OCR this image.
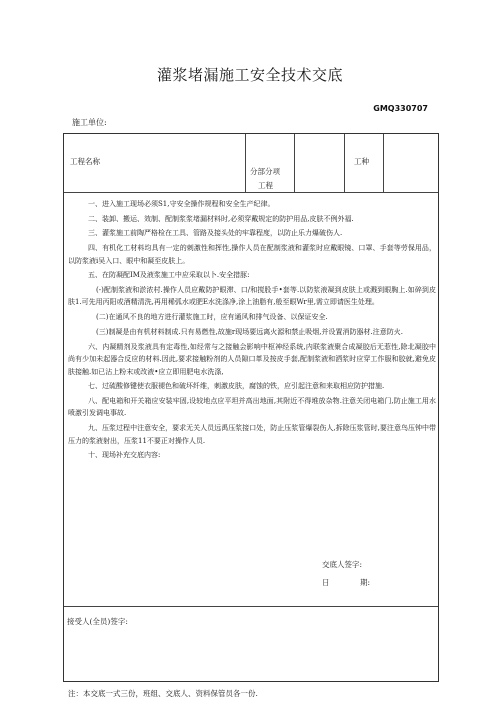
灌浆堵漏施工安全技术交底
GMQ330707
施工单位:
工程名称
分部分项
工程
工种

一、进入施工现场必须S1,守安全操作规程和安全生产纪律。

二、装卸、搬运、效制、配制浆浆堵漏材料时,必须穿戴规定的防护用品,皮肤不例外福.

三、灌浆施工前陶严格检在工具、管路及接头处的牢靠程度，以防止乐力爆破伤人.

四、有机化工材料均具有一定的刺激性和挥性,操作人员在配制浆液和灌浆时应戴眼镜、口罩、手套等劳保用品，以防浆液i吴入口、眼中和凝至皮肤上。

五、在防凝配IM及液浆施工中应采取以卜.安全措豚:

(-)配制浆液和淤浓村.操作人员应戴防护眼滞、口/和搅股手•套等.以防浆液凝到皮肤上或溅到眼胸上.如碎到皮肤1.可先用丙阳或酒精清洗,再用稀弧水或肥E水洗涤净,涂上油脂有,般至眼Wr里,需立即请医生处理。

(二)在通风不良的地方进行灌浆施工时，应有通风和排气设备、以保证安全.

(三)制凝是由有机材料制成.只有易燃性,故施r现场要远离火源和禁止吸烟,并设置消防器材.注意防火.

六、内凝精剂及浆液具有定毒性,如经常与之接触会影响中枢神经系统,内联浆液聚合成凝胶后无惹性,除北凝胶中尚有少加未起器合反应的材料.因此,要求接触粉剂的人员隙口革及按皮手套,配制浆液和洒浆时应穿工作服和胶就,避免皮肤接触.如已沾上粉末或改液•应立即用肥电水洗涤,

七、过硫酸修键使衣服褪色和破坏纤维，刺激皮肤，腐蚀的铁，应引起注意和来取相应防护措施.

八、配电箱和开关箱应安装牢固,设较地点应平坦并高出地面,其附近不得堆放杂物.注意关闭电箱门,防止施工用水喷激引发调电事故.

九、压浆过程中注意安全，要求无关人员远禹压浆接口处，防止压浆管爆裂伤人,拆除压浆管时,要注意鸟压钟中带压力的浆液射出，压浆11不要正对操作人员.

十、现场补充交底内容:

交底人签字:
日	期:
接受人(全员)签字:
注：本交底一式三份，班组、交底人、资料保管员各一份.
